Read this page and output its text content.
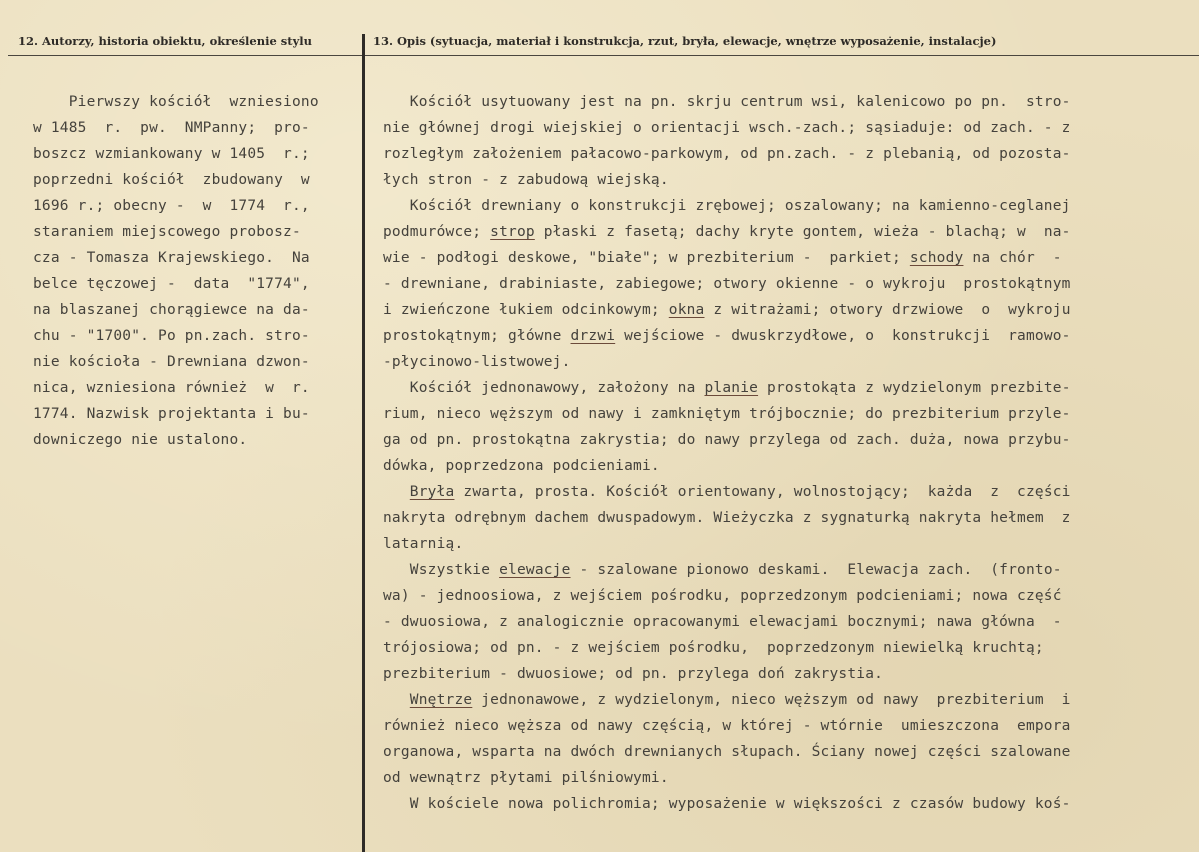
12. Autorzy, historia obiektu, określenie stylu	13. Opis (sytuacja, materiał i konstrukcja, rzut, bryła, elewacje, wnętrze wyposażenie, instalacje)
Pierwszy kościół  wzniesiono
w 1485  r.  pw.  NMPanny;  pro-
boszcz wzmiankowany w 1405  r.;
poprzedni kościół  zbudowany  w
1696 r.; obecny -  w  1774  r.,
staraniem miejscowego probosz-
cza - Tomasza Krajewskiego.  Na
belce tęczowej -  data  "1774",
na blaszanej chorągiewce na da-
chu - "1700". Po pn.zach. stro-
nie kościoła - Drewniana dzwon-
nica, wzniesiona również  w  r.
1774. Nazwisk projektanta i bu-
downiczego nie ustalono.
Kościół usytuowany jest na pn. skrju centrum wsi, kalenicowo po pn.  stro-
nie głównej drogi wiejskiej o orientacji wsch.-zach.; sąsiaduje: od zach. - z
rozległym założeniem pałacowo-parkowym, od pn.zach. - z plebanią, od pozosta-
łych stron - z zabudową wiejską.
Kościół drewniany o konstrukcji zrębowej; oszalowany; na kamienno-ceglanej
podmurówce; strop płaski z fasetą; dachy kryte gontem, wieża - blachą; w  na-
wie - podłogi deskowe, "białe"; w prezbiterium -  parkiet; schody na chór  -
- drewniane, drabiniaste, zabiegowe; otwory okienne - o wykroju  prostokątnym
i zwieńczone łukiem odcinkowym; okna z witrażami; otwory drzwiowe  o  wykroju
prostokątnym; główne drzwi wejściowe - dwuskrzydłowe, o  konstrukcji  ramowo-
-płycinowo-listwowej.
Kościół jednonawowy, założony na planie prostokąta z wydzielonym prezbite-
rium, nieco węższym od nawy i zamkniętym trójbocznie; do prezbiterium przyle-
ga od pn. prostokątna zakrystia; do nawy przylega od zach. duża, nowa przybu-
dówka, poprzedzona podcieniami.
Bryła zwarta, prosta. Kościół orientowany, wolnostojący;  każda  z  części
nakryta odrębnym dachem dwuspadowym. Wieżyczka z sygnaturką nakryta hełmem  z
latarnią.
Wszystkie elewacje - szalowane pionowo deskami.  Elewacja zach.  (fronto-
wa) - jednoosiowa, z wejściem pośrodku, poprzedzonym podcieniami; nowa część
- dwuosiowa, z analogicznie opracowanymi elewacjami bocznymi; nawa główna  -
trójosiowa; od pn. - z wejściem pośrodku,  poprzedzonym niewielką kruchtą;
prezbiterium - dwuosiowe; od pn. przylega doń zakrystia.
Wnętrze jednonawowe, z wydzielonym, nieco węższym od nawy  prezbiterium  i
również nieco węższa od nawy częścią, w której - wtórnie  umieszczona  empora
organowa, wsparta na dwóch drewnianych słupach. Ściany nowej części szalowane
od wewnątrz płytami pilśniowymi.
W kościele nowa polichromia; wyposażenie w większości z czasów budowy koś-
